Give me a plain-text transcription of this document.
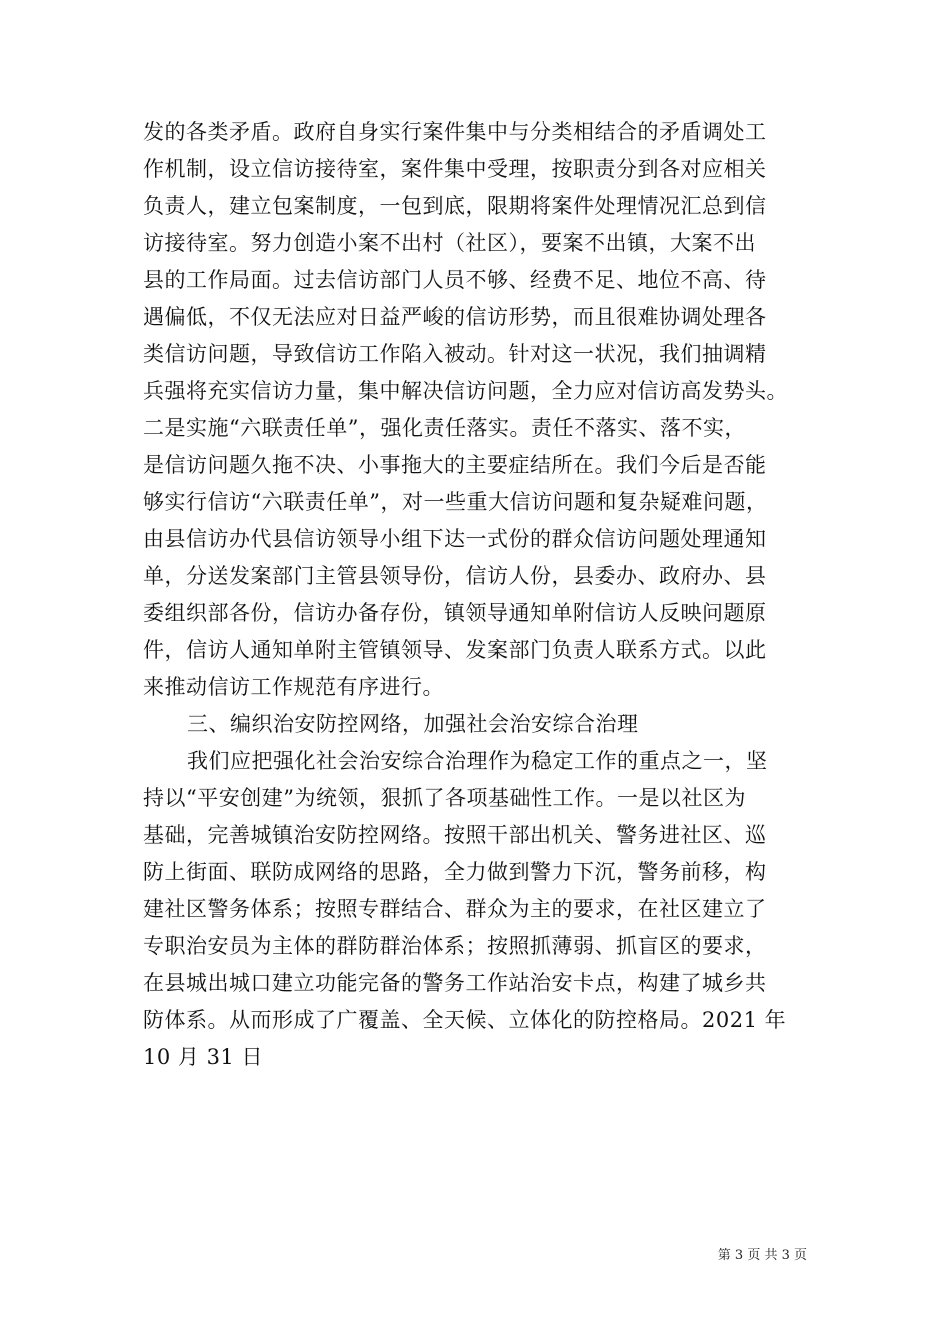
发的各类矛盾。政府自身实行案件集中与分类相结合的矛盾调处工
作机制，设立信访接待室，案件集中受理，按职责分到各对应相关
负责人，建立包案制度，一包到底，限期将案件处理情况汇总到信
访接待室。努力创造小案不出村（社区），要案不出镇，大案不出
县的工作局面。过去信访部门人员不够、经费不足、地位不高、待
遇偏低，不仅无法应对日益严峻的信访形势，而且很难协调处理各
类信访问题，导致信访工作陷入被动。针对这一状况，我们抽调精
兵强将充实信访力量，集中解决信访问题，全力应对信访高发势头。
二是实施“六联责任单”，强化责任落实。责任不落实、落不实，
是信访问题久拖不决、小事拖大的主要症结所在。我们今后是否能
够实行信访“六联责任单”，对一些重大信访问题和复杂疑难问题，
由县信访办代县信访领导小组下达一式份的群众信访问题处理通知
单，分送发案部门主管县领导份，信访人份，县委办、政府办、县
委组织部各份，信访办备存份，镇领导通知单附信访人反映问题原
件，信访人通知单附主管镇领导、发案部门负责人联系方式。以此
来推动信访工作规范有序进行。
三、编织治安防控网络，加强社会治安综合治理
我们应把强化社会治安综合治理作为稳定工作的重点之一，坚
持以“平安创建”为统领，狠抓了各项基础性工作。一是以社区为
基础，完善城镇治安防控网络。按照干部出机关、警务进社区、巡
防上街面、联防成网络的思路，全力做到警力下沉，警务前移，构
建社区警务体系；按照专群结合、群众为主的要求，在社区建立了
专职治安员为主体的群防群治体系；按照抓薄弱、抓盲区的要求，
在县城出城口建立功能完备的警务工作站治安卡点，构建了城乡共
防体系。从而形成了广覆盖、全天候、立体化的防控格局。2021 年
10 月 31 日
第 3 页 共 3 页
